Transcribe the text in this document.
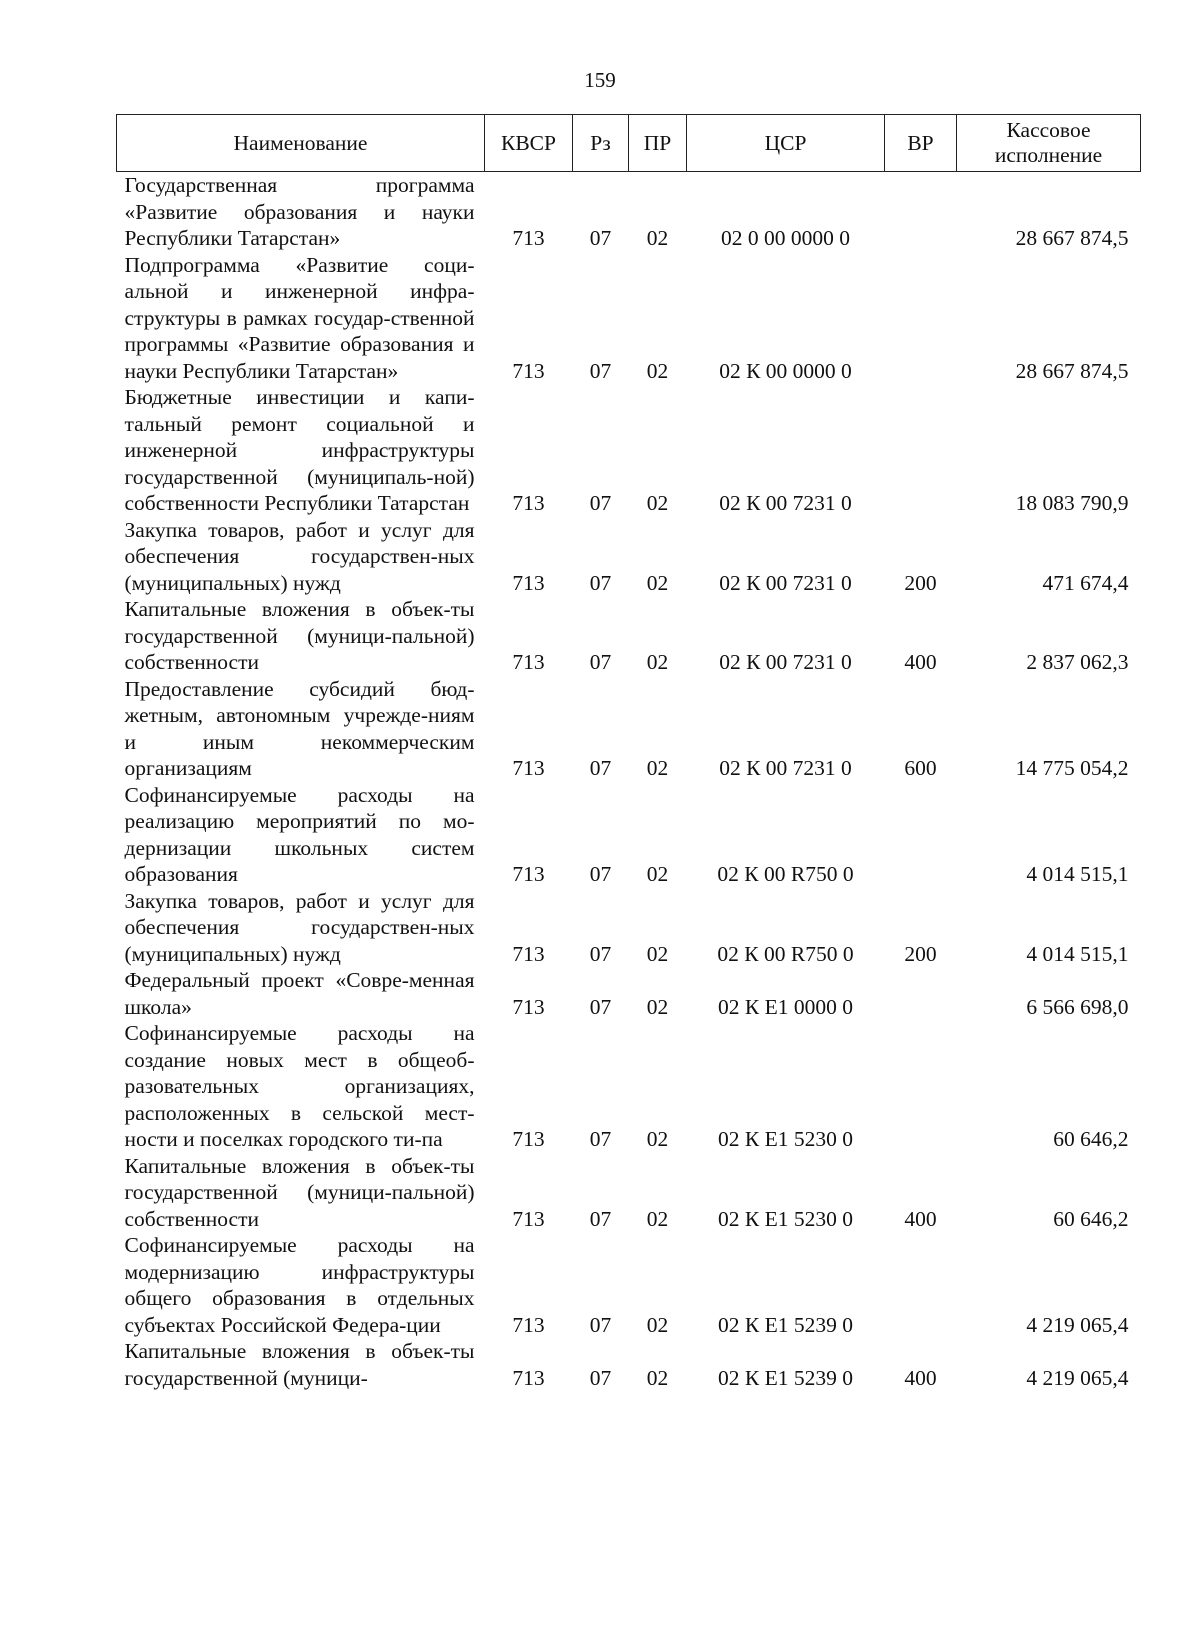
159
Наименование	КВСР	Рз	ПР	ЦСР	ВР	Кассовое исполнение
Государственная программа «Развитие образования и науки Республики Татарстан»	713	07	02	02 0 00 0000 0		28 667 874,5
Подпрограмма «Развитие соци-альной и инженерной инфра-структуры в рамках государ-ственной программы «Развитие образования и науки Республики Татарстан»	713	07	02	02 К 00 0000 0		28 667 874,5
Бюджетные инвестиции и капи-тальный ремонт социальной и инженерной инфраструктуры государственной (муниципаль-ной) собственности Республики Татарстан	713	07	02	02 К 00 7231 0		18 083 790,9
Закупка товаров, работ и услуг для обеспечения государствен-ных (муниципальных) нужд	713	07	02	02 К 00 7231 0	200	471 674,4
Капитальные вложения в объек-ты государственной (муници-пальной) собственности	713	07	02	02 К 00 7231 0	400	2 837 062,3
Предоставление субсидий бюд-жетным, автономным учрежде-ниям и иным некоммерческим организациям	713	07	02	02 К 00 7231 0	600	14 775 054,2
Софинансируемые расходы на реализацию мероприятий по мо-дернизации школьных систем образования	713	07	02	02 К 00 R750 0		4 014 515,1
Закупка товаров, работ и услуг для обеспечения государствен-ных (муниципальных) нужд	713	07	02	02 К 00 R750 0	200	4 014 515,1
Федеральный проект «Совре-менная школа»	713	07	02	02 К Е1 0000 0		6 566 698,0
Софинансируемые расходы на создание новых мест в общеоб-разовательных организациях, расположенных в сельской мест-ности и поселках городского ти-па	713	07	02	02 К Е1 5230 0		60 646,2
Капитальные вложения в объек-ты государственной (муници-пальной) собственности	713	07	02	02 К Е1 5230 0	400	60 646,2
Софинансируемые расходы на модернизацию инфраструктуры общего образования в отдельных субъектах Российской Федера-ции	713	07	02	02 К Е1 5239 0		4 219 065,4
Капитальные вложения в объек-ты государственной (муници-	713	07	02	02 К Е1 5239 0	400	4 219 065,4
